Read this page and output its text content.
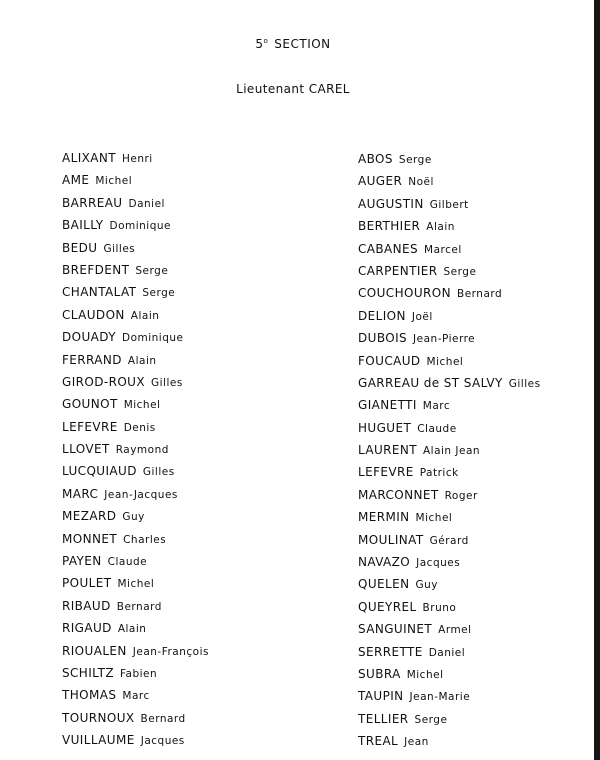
5$^o$ SECTION
Lieutenant CAREL
ALIXANT Henri
AME Michel
BARREAU Daniel
BAILLY Dominique
BEDU Gilles
BREFDENT Serge
CHANTALAT Serge
CLAUDON Alain
DOUADY Dominique
FERRAND Alain
GIROD-ROUX Gilles
GOUNOT Michel
LEFEVRE Denis
LLOVET Raymond
LUCQUIAUD Gilles
MARC Jean-Jacques
MEZARD Guy
MONNET Charles
PAYEN Claude
POULET Michel
RIBAUD Bernard
RIGAUD Alain
RIOUALEN Jean-François
SCHILTZ Fabien
THOMAS Marc
TOURNOUX Bernard
VUILLAUME Jacques
ABOS Serge
AUGER Noël
AUGUSTIN Gilbert
BERTHIER Alain
CABANES Marcel
CARPENTIER Serge
COUCHOURON Bernard
DELION Joël
DUBOIS Jean-Pierre
FOUCAUD Michel
GARREAU de ST SALVY Gilles
GIANETTI Marc
HUGUET Claude
LAURENT Alain Jean
LEFEVRE Patrick
MARCONNET Roger
MERMIN Michel
MOULINAT Gérard
NAVAZO Jacques
QUELEN Guy
QUEYREL Bruno
SANGUINET Armel
SERRETTE Daniel
SUBRA Michel
TAUPIN Jean-Marie
TELLIER Serge
TREAL Jean
